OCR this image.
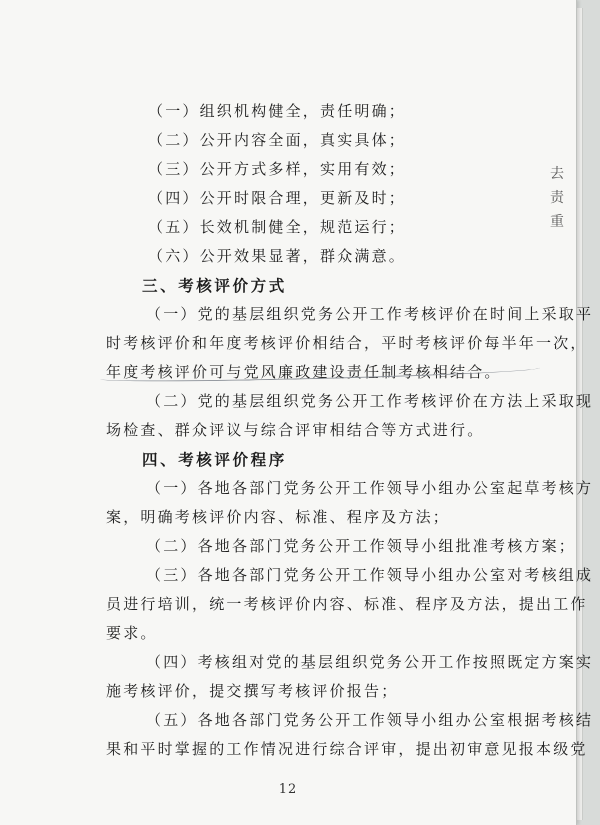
去
责
重
（一）组织机构健全，责任明确；
（二）公开内容全面，真实具体；
（三）公开方式多样，实用有效；
（四）公开时限合理，更新及时；
（五）长效机制健全，规范运行；
（六）公开效果显著，群众满意。
三、考核评价方式
（一）党的基层组织党务公开工作考核评价在时间上采取平
时考核评价和年度考核评价相结合，平时考核评价每半年一次，
年度考核评价可与党风廉政建设责任制考核相结合。
（二）党的基层组织党务公开工作考核评价在方法上采取现
场检查、群众评议与综合评审相结合等方式进行。
四、考核评价程序
（一）各地各部门党务公开工作领导小组办公室起草考核方
案，明确考核评价内容、标准、程序及方法；
（二）各地各部门党务公开工作领导小组批准考核方案；
（三）各地各部门党务公开工作领导小组办公室对考核组成
员进行培训，统一考核评价内容、标准、程序及方法，提出工作
要求。
（四）考核组对党的基层组织党务公开工作按照既定方案实
施考核评价，提交撰写考核评价报告；
（五）各地各部门党务公开工作领导小组办公室根据考核结
果和平时掌握的工作情况进行综合评审，提出初审意见报本级党
12
